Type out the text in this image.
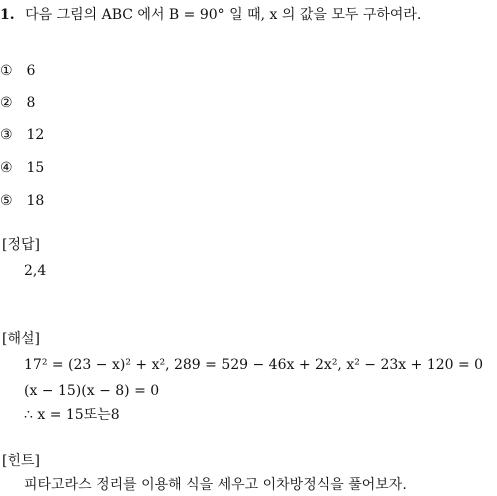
1. 다음 그림의 ABC 에서 B = 90° 일 때, x 의 값을 모두 구하여라.
① 6
② 8
③ 12
④ 15
⑤ 18
[정답]
2,4
[해설]
17² = (23 − x)² + x², 289 = 529 − 46x + 2x², x² − 23x + 120 = 0
(x − 15)(x − 8) = 0
∴ x = 15또는8
[힌트]
피타고라스 정리를 이용해 식을 세우고 이차방정식을 풀어보자.
